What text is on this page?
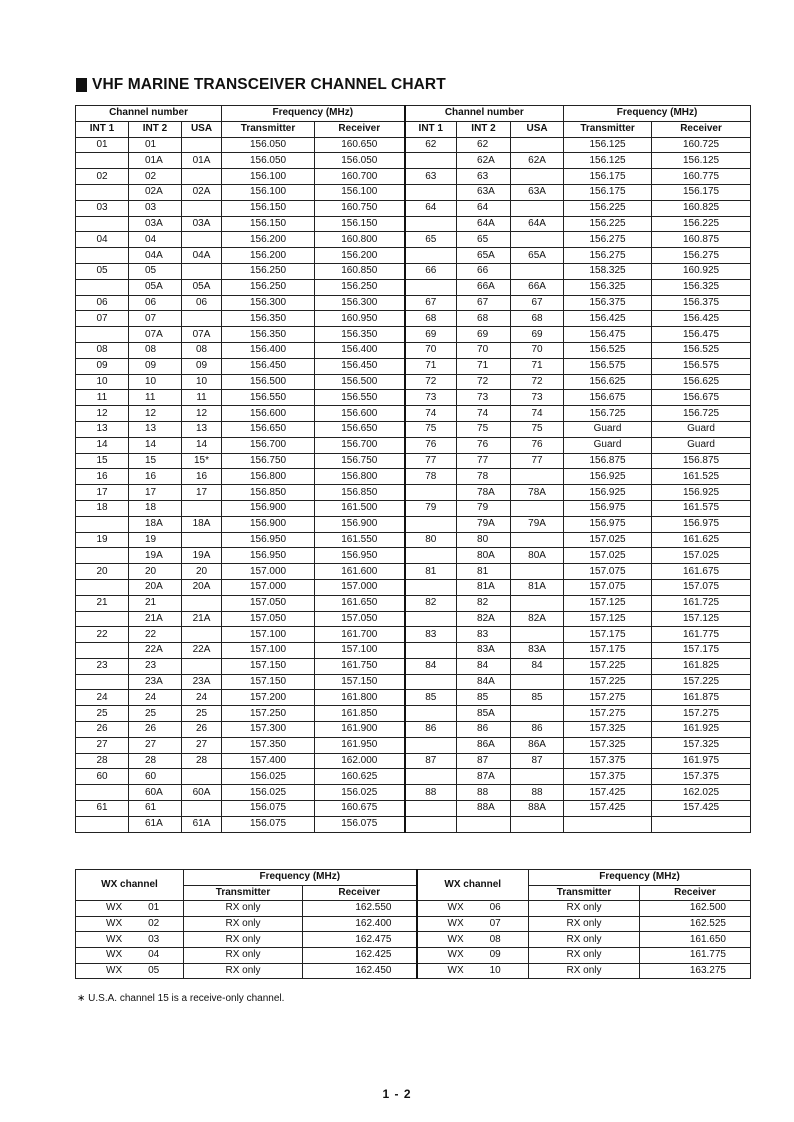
VHF MARINE TRANSCEIVER CHANNEL CHART
Channel number			Frequency (MHz)		Channel number			Frequency (MHz)	
INT 1	INT 2	USA	Transmitter	Receiver	INT 1	INT 2	USA	Transmitter	Receiver
01	01		156.050	160.650	62	62		156.125	160.725
	01A	01A	156.050	156.050		62A	62A	156.125	156.125
02	02		156.100	160.700	63	63		156.175	160.775
	02A	02A	156.100	156.100		63A	63A	156.175	156.175
03	03		156.150	160.750	64	64		156.225	160.825
	03A	03A	156.150	156.150		64A	64A	156.225	156.225
04	04		156.200	160.800	65	65		156.275	160.875
	04A	04A	156.200	156.200		65A	65A	156.275	156.275
05	05		156.250	160.850	66	66		158.325	160.925
	05A	05A	156.250	156.250		66A	66A	156.325	156.325
06	06	06	156.300	156.300	67	67	67	156.375	156.375
07	07		156.350	160.950	68	68	68	156.425	156.425
	07A	07A	156.350	156.350	69	69	69	156.475	156.475
08	08	08	156.400	156.400	70	70	70	156.525	156.525
09	09	09	156.450	156.450	71	71	71	156.575	156.575
10	10	10	156.500	156.500	72	72	72	156.625	156.625
11	11	11	156.550	156.550	73	73	73	156.675	156.675
12	12	12	156.600	156.600	74	74	74	156.725	156.725
13	13	13	156.650	156.650	75	75	75	Guard	Guard
14	14	14	156.700	156.700	76	76	76	Guard	Guard
15	15	15*	156.750	156.750	77	77	77	156.875	156.875
16	16	16	156.800	156.800	78	78		156.925	161.525
17	17	17	156.850	156.850		78A	78A	156.925	156.925
18	18		156.900	161.500	79	79		156.975	161.575
	18A	18A	156.900	156.900		79A	79A	156.975	156.975
19	19		156.950	161.550	80	80		157.025	161.625
	19A	19A	156.950	156.950		80A	80A	157.025	157.025
20	20	20	157.000	161.600	81	81		157.075	161.675
	20A	20A	157.000	157.000		81A	81A	157.075	157.075
21	21		157.050	161.650	82	82		157.125	161.725
	21A	21A	157.050	157.050		82A	82A	157.125	157.125
22	22		157.100	161.700	83	83		157.175	161.775
	22A	22A	157.100	157.100		83A	83A	157.175	157.175
23	23		157.150	161.750	84	84	84	157.225	161.825
	23A	23A	157.150	157.150		84A		157.225	157.225
24	24	24	157.200	161.800	85	85	85	157.275	161.875
25	25	25	157.250	161.850		85A		157.275	157.275
26	26	26	157.300	161.900	86	86	86	157.325	161.925
27	27	27	157.350	161.950		86A	86A	157.325	157.325
28	28	28	157.400	162.000	87	87	87	157.375	161.975
60	60		156.025	160.625		87A		157.375	157.375
	60A	60A	156.025	156.025	88	88	88	157.425	162.025
61	61		156.075	160.675		88A	88A	157.425	157.425
	61A	61A	156.075	156.075					
WX channel	Frequency (MHz)		WX channel	Frequency (MHz)	
	Transmitter	Receiver		Transmitter	Receiver
WX 01	RX only	162.550	WX 06	RX only	162.500
WX 02	RX only	162.400	WX 07	RX only	162.525
WX 03	RX only	162.475	WX 08	RX only	161.650
WX 04	RX only	162.425	WX 09	RX only	161.775
WX 05	RX only	162.450	WX 10	RX only	163.275
∗ U.S.A. channel 15 is a receive-only channel.
1 - 2
